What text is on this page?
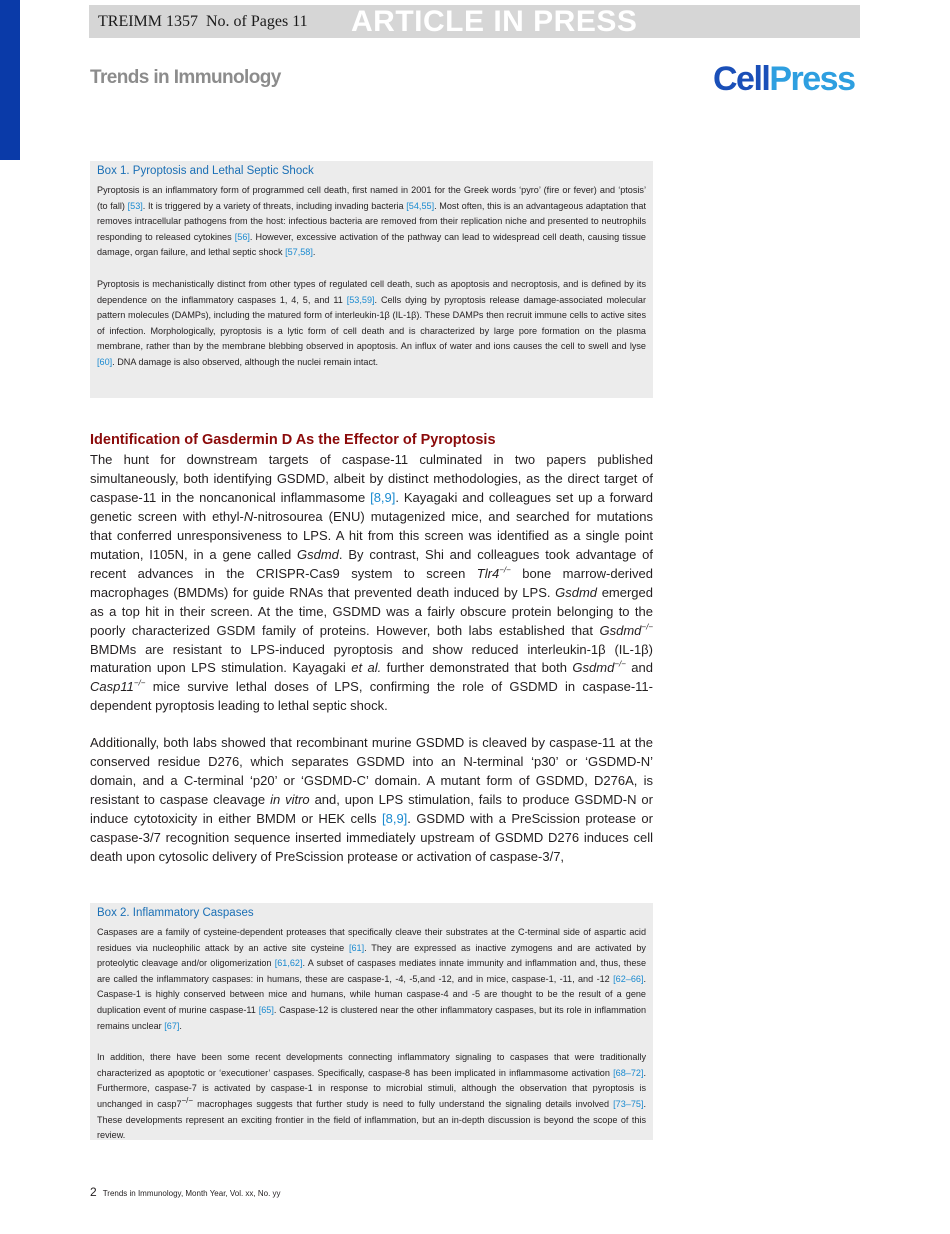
TREIMM 1357 No. of Pages 11 ARTICLE IN PRESS
Trends in Immunology	CellPress
Box 1. Pyroptosis and Lethal Septic Shock

Pyroptosis is an inflammatory form of programmed cell death, first named in 2001 for the Greek words ‘pyro’ (fire or fever) and ‘ptosis’ (to fall) [53]. It is triggered by a variety of threats, including invading bacteria [54,55]. Most often, this is an advantageous adaptation that removes intracellular pathogens from the host: infectious bacteria are removed from their replication niche and presented to neutrophils responding to released cytokines [56]. However, excessive activation of the pathway can lead to widespread cell death, causing tissue damage, organ failure, and lethal septic shock [57,58].

Pyroptosis is mechanistically distinct from other types of regulated cell death, such as apoptosis and necroptosis, and is defined by its dependence on the inflammatory caspases 1, 4, 5, and 11 [53,59]. Cells dying by pyroptosis release damage-associated molecular pattern molecules (DAMPs), including the matured form of interleukin-1β (IL-1β). These DAMPs then recruit immune cells to active sites of infection. Morphologically, pyroptosis is a lytic form of cell death and is characterized by large pore formation on the plasma membrane, rather than by the membrane blebbing observed in apoptosis. An influx of water and ions causes the cell to swell and lyse [60]. DNA damage is also observed, although the nuclei remain intact.

Identification of Gasdermin D As the Effector of Pyroptosis

The hunt for downstream targets of caspase-11 culminated in two papers published simultaneously, both identifying GSDMD, albeit by distinct methodologies, as the direct target of caspase-11 in the noncanonical inflammasome [8,9]. Kayagaki and colleagues set up a forward genetic screen with ethyl-N-nitrosourea (ENU) mutagenized mice, and searched for mutations that conferred unresponsiveness to LPS. A hit from this screen was identified as a single point mutation, I105N, in a gene called Gsdmd. By contrast, Shi and colleagues took advantage of recent advances in the CRISPR-Cas9 system to screen Tlr4−/− bone marrow-derived macrophages (BMDMs) for guide RNAs that prevented death induced by LPS. Gsdmd emerged as a top hit in their screen. At the time, GSDMD was a fairly obscure protein belonging to the poorly characterized GSDM family of proteins. However, both labs established that Gsdmd−/− BMDMs are resistant to LPS-induced pyroptosis and show reduced interleukin-1β (IL-1β) maturation upon LPS stimulation. Kayagaki et al. further demonstrated that both Gsdmd−/− and Casp11−/− mice survive lethal doses of LPS, confirming the role of GSDMD in caspase-11-dependent pyroptosis leading to lethal septic shock.

Additionally, both labs showed that recombinant murine GSDMD is cleaved by caspase-11 at the conserved residue D276, which separates GSDMD into an N-terminal ‘p30’ or ‘GSDMD-N’ domain, and a C-terminal ‘p20’ or ‘GSDMD-C’ domain. A mutant form of GSDMD, D276A, is resistant to caspase cleavage in vitro and, upon LPS stimulation, fails to produce GSDMD-N or induce cytotoxicity in either BMDM or HEK cells [8,9]. GSDMD with a PreScission protease or caspase-3/7 recognition sequence inserted immediately upstream of GSDMD D276 induces cell death upon cytosolic delivery of PreScission protease or activation of caspase-3/7,

Box 2. Inflammatory Caspases

Caspases are a family of cysteine-dependent proteases that specifically cleave their substrates at the C-terminal side of aspartic acid residues via nucleophilic attack by an active site cysteine [61]. They are expressed as inactive zymogens and are activated by proteolytic cleavage and/or oligomerization [61,62]. A subset of caspases mediates innate immunity and inflammation and, thus, these are called the inflammatory caspases: in humans, these are caspase-1, -4, -5,and -12, and in mice, caspase-1, -11, and -12 [62–66]. Caspase-1 is highly conserved between mice and humans, while human caspase-4 and -5 are thought to be the result of a gene duplication event of murine caspase-11 [65]. Caspase-12 is clustered near the other inflammatory caspases, but its role in inflammation remains unclear [67].

In addition, there have been some recent developments connecting inflammatory signaling to caspases that were traditionally characterized as apoptotic or ‘executioner’ caspases. Specifically, caspase-8 has been implicated in inflammasome activation [68–72]. Furthermore, caspase-7 is activated by caspase-1 in response to microbial stimuli, although the observation that pyroptosis is unchanged in casp7−/− macrophages suggests that further study is need to fully understand the signaling details involved [73–75]. These developments represent an exciting frontier in the field of inflammation, but an in-depth discussion is beyond the scope of this review.

2 Trends in Immunology, Month Year, Vol. xx, No. yy
